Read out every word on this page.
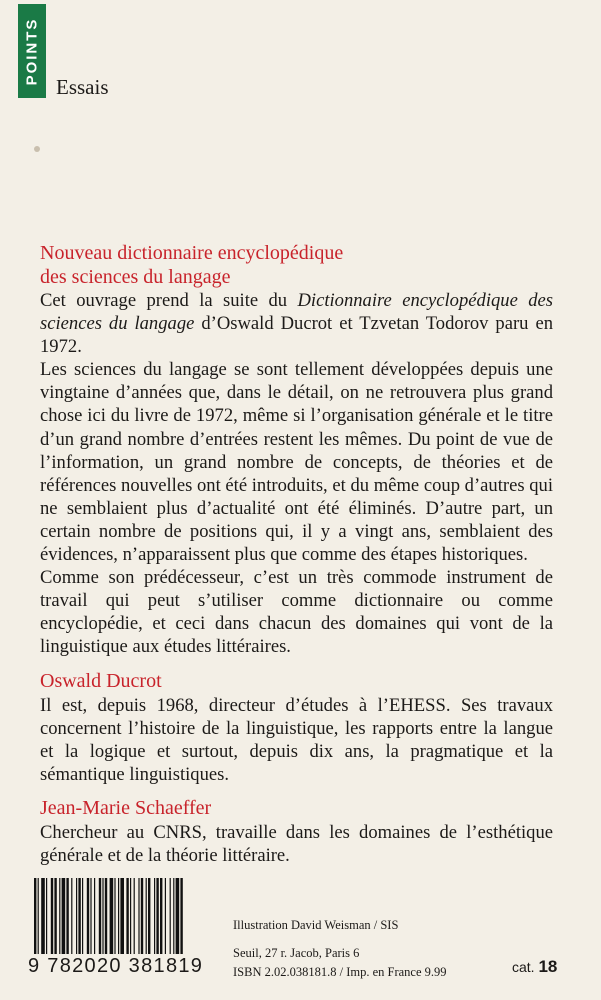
POINTS
Essais
Nouveau dictionnaire encyclopédique
des sciences du langage

Cet ouvrage prend la suite du Dictionnaire encyclopédique des sciences du langage d’Oswald Ducrot et Tzvetan Todorov paru en 1972.

Les sciences du langage se sont tellement développées depuis une vingtaine d’années que, dans le détail, on ne retrouvera plus grand chose ici du livre de 1972, même si l’organisation générale et le titre d’un grand nombre d’entrées restent les mêmes. Du point de vue de l’information, un grand nombre de concepts, de théories et de références nouvelles ont été introduits, et du même coup d’autres qui ne semblaient plus d’actualité ont été éliminés. D’autre part, un certain nombre de positions qui, il y a vingt ans, semblaient des évidences, n’apparaissent plus que comme des étapes historiques.

Comme son prédécesseur, c’est un très commode instrument de travail qui peut s’utiliser comme dictionnaire ou comme encyclopédie, et ceci dans chacun des domaines qui vont de la linguistique aux études littéraires.

Oswald Ducrot

Il est, depuis 1968, directeur d’études à l’EHESS. Ses travaux concernent l’histoire de la linguistique, les rapports entre la langue et la logique et surtout, depuis dix ans, la pragmatique et la sémantique linguistiques.

Jean-Marie Schaeffer

Chercheur au CNRS, travaille dans les domaines de l’esthétique générale et de la théorie littéraire.

9 782020 381819
Illustration David Weisman / SIS
Seuil, 27 r. Jacob, Paris 6
ISBN 2.02.038181.8 / Imp. en France 9.99	cat. 18
